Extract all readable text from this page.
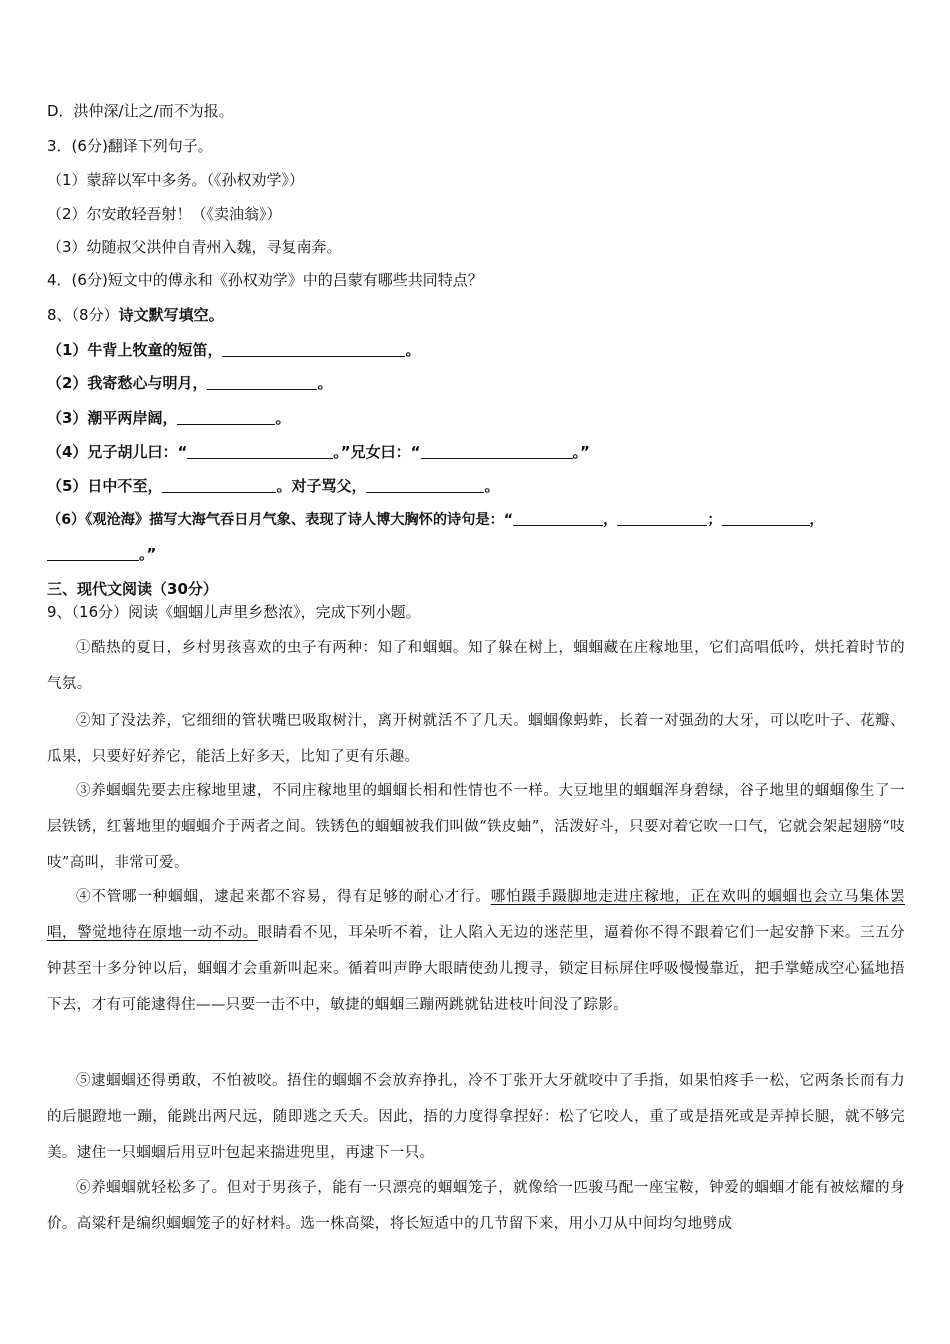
D．洪仲深/让之/而不为报。
3．(6分)翻译下列句子。
（1）蒙辞以军中多务。（《孙权劝学》）
（2）尔安敢轻吾射！（《卖油翁》）
（3）幼随叔父洪仲自青州入魏，寻复南奔。
4．(6分)短文中的傅永和《孙权劝学》中的吕蒙有哪些共同特点？
8、（8分）诗文默写填空。
（1）牛背上牧童的短笛，	。
（2）我寄愁心与明月，	。
（3）潮平两岸阔，	。
（4）兄子胡儿曰：“	。”兄女曰：“	。”
（5）日中不至，	。对子骂父，	。
（6）《观沧海》描写大海气吞日月气象、表现了诗人博大胸怀的诗句是：“	，	；	，
。”
三、现代文阅读（30分）
9、（16分）阅读《蝈蝈儿声里乡愁浓》，完成下列小题。
①酷热的夏日，乡村男孩喜欢的虫子有两种：知了和蝈蝈。知了躲在树上，蝈蝈藏在庄稼地里，它们高唱低吟，烘托着时节的气氛。
②知了没法养，它细细的管状嘴巴吸取树汁，离开树就活不了几天。蝈蝈像蚂蚱，长着一对强劲的大牙，可以吃叶子、花瓣、瓜果，只要好好养它，能活上好多天，比知了更有乐趣。
③养蝈蝈先要去庄稼地里逮，不同庄稼地里的蝈蝈长相和性情也不一样。大豆地里的蝈蝈浑身碧绿，谷子地里的蝈蝈像生了一层铁锈，红薯地里的蝈蝈介于两者之间。铁锈色的蝈蝈被我们叫做“铁皮蚰”，活泼好斗，只要对着它吹一口气，它就会架起翅膀“吱吱”高叫，非常可爱。
④不管哪一种蝈蝈，逮起来都不容易，得有足够的耐心才行。哪怕蹑手蹑脚地走进庄稼地，正在欢叫的蝈蝈也会立马集体罢唱，警觉地待在原地一动不动。眼睛看不见，耳朵听不着，让人陷入无边的迷茫里，逼着你不得不跟着它们一起安静下来。三五分钟甚至十多分钟以后，蝈蝈才会重新叫起来。循着叫声睁大眼睛使劲儿搜寻，锁定目标屏住呼吸慢慢靠近，把手掌蜷成空心猛地捂下去，才有可能逮得住——只要一击不中，敏捷的蝈蝈三蹦两跳就钻进枝叶间没了踪影。
⑤逮蝈蝈还得勇敢，不怕被咬。捂住的蝈蝈不会放弃挣扎，冷不丁张开大牙就咬中了手指，如果怕疼手一松，它两条长而有力的后腿蹬地一蹦，能跳出两尺远，随即逃之夭夭。因此，捂的力度得拿捏好：松了它咬人，重了或是捂死或是弄掉长腿，就不够完美。逮住一只蝈蝈后用豆叶包起来揣进兜里，再逮下一只。
⑥养蝈蝈就轻松多了。但对于男孩子，能有一只漂亮的蝈蝈笼子，就像给一匹骏马配一座宝鞍，钟爱的蝈蝈才能有被炫耀的身价。高粱秆是编织蝈蝈笼子的好材料。选一株高粱，将长短适中的几节留下来，用小刀从中间均匀地劈成
